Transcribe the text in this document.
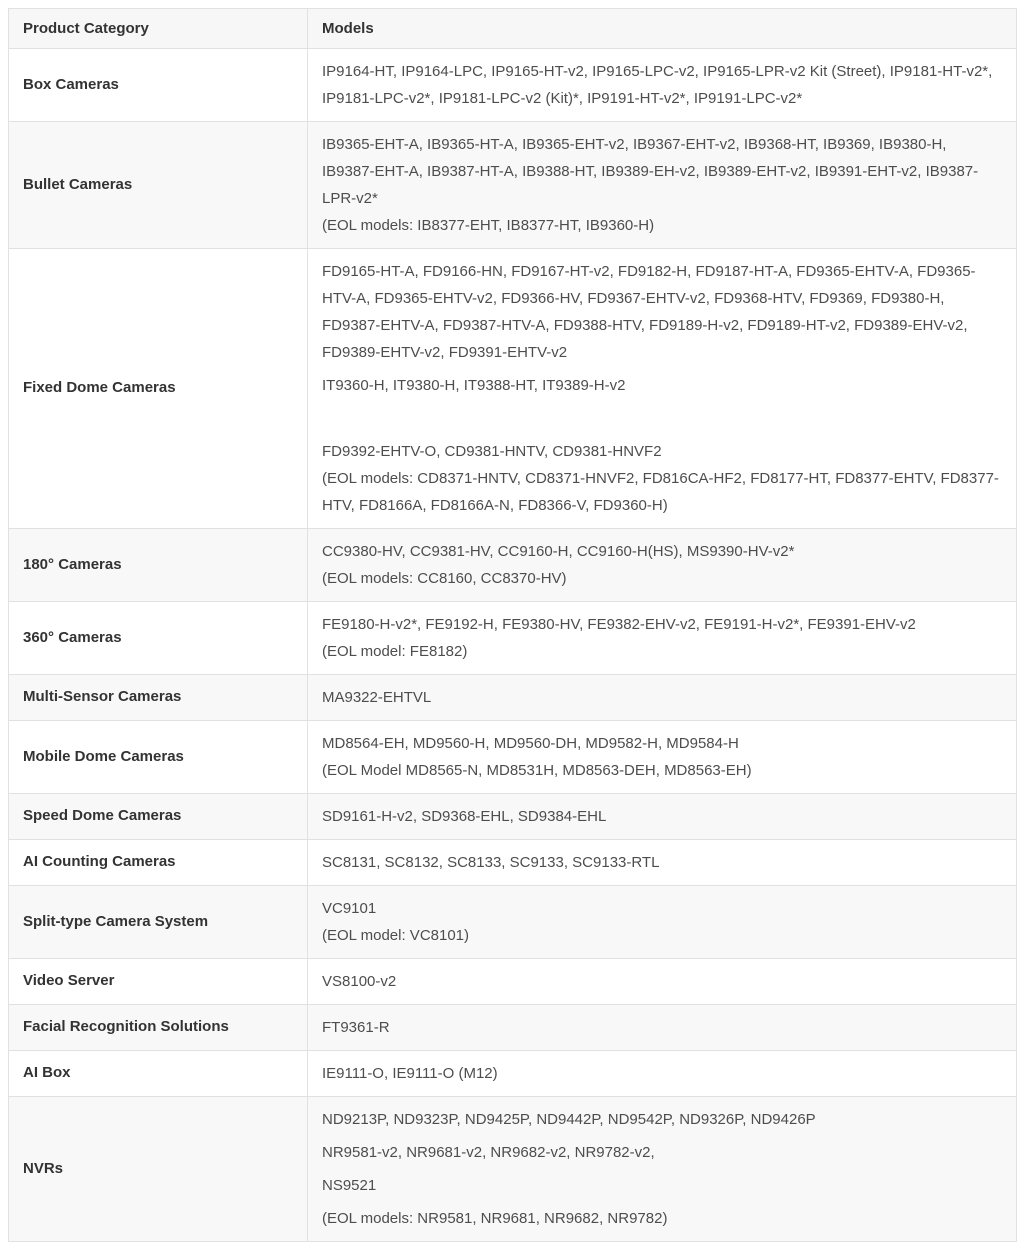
Product Category	Models
Box Cameras	IP9164-HT, IP9164-LPC, IP9165-HT-v2, IP9165-LPC-v2, IP9165-LPR-v2 Kit (Street), IP9181-HT-v2*, IP9181-LPC-v2*, IP9181-LPC-v2 (Kit)*, IP9191-HT-v2*, IP9191-LPC-v2*

Bullet Cameras	IB9365-EHT-A, IB9365-HT-A, IB9365-EHT-v2, IB9367-EHT-v2, IB9368-HT, IB9369, IB9380-H, IB9387-EHT-A, IB9387-HT-A, IB9388-HT, IB9389-EH-v2, IB9389-EHT-v2, IB9391-EHT-v2, IB9387-LPR-v2*
(EOL models: IB8377-EHT, IB8377-HT, IB9360-H)

Fixed Dome Cameras	FD9165-HT-A, FD9166-HN, FD9167-HT-v2, FD9182-H, FD9187-HT-A, FD9365-EHTV-A, FD9365-HTV-A, FD9365-EHTV-v2, FD9366-HV, FD9367-EHTV-v2, FD9368-HTV, FD9369, FD9380-H, FD9387-EHTV-A, FD9387-HTV-A, FD9388-HTV, FD9189-H-v2, FD9189-HT-v2, FD9389-EHV-v2, FD9389-EHTV-v2, FD9391-EHTV-v2

IT9360-H, IT9380-H, IT9388-HT, IT9389-H-v2

FD9392-EHTV-O, CD9381-HNTV, CD9381-HNVF2
(EOL models: CD8371-HNTV, CD8371-HNVF2, FD816CA-HF2, FD8177-HT, FD8377-EHTV, FD8377-HTV, FD8166A, FD8166A-N, FD8366-V, FD9360-H)

180° Cameras	CC9380-HV, CC9381-HV, CC9160-H, CC9160-H(HS), MS9390-HV-v2*
(EOL models: CC8160, CC8370-HV)

360° Cameras	FE9180-H-v2*, FE9192-H, FE9380-HV, FE9382-EHV-v2, FE9191-H-v2*, FE9391-EHV-v2
(EOL model: FE8182)

Multi-Sensor Cameras	MA9322-EHTVL

Mobile Dome Cameras	MD8564-EH, MD9560-H, MD9560-DH, MD9582-H, MD9584-H
(EOL Model MD8565-N, MD8531H, MD8563-DEH, MD8563-EH)

Speed Dome Cameras	SD9161-H-v2, SD9368-EHL, SD9384-EHL

AI Counting Cameras	SC8131, SC8132, SC8133, SC9133, SC9133-RTL

Split-type Camera System	VC9101
(EOL model: VC8101)

Video Server	VS8100-v2

Facial Recognition Solutions	FT9361-R

AI Box	IE9111-O, IE9111-O (M12)

NVRs	ND9213P, ND9323P, ND9425P, ND9442P, ND9542P, ND9326P, ND9426P

NR9581-v2, NR9681-v2, NR9682-v2, NR9782-v2,

NS9521

(EOL models: NR9581, NR9681, NR9682, NR9782)
